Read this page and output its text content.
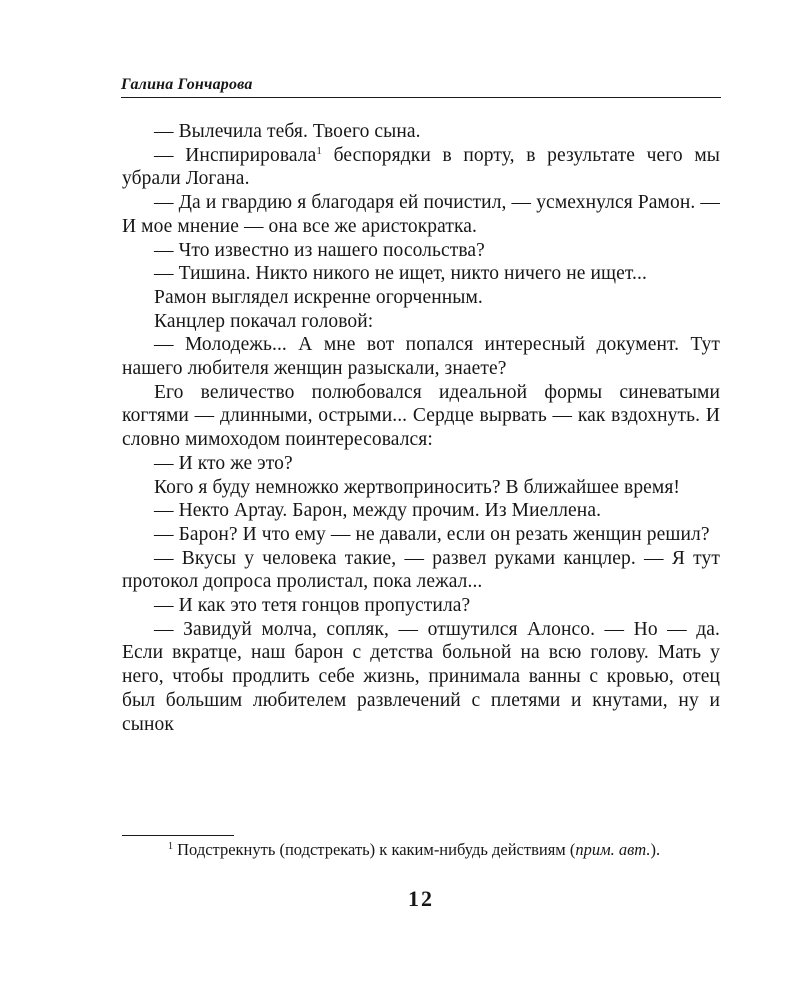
Галина Гончарова

— Вылечила тебя. Твоего сына.

— Инспирировала$^1$ беспорядки в порту, в результате чего мы убрали Логана.

— Да и гвардию я благодаря ей почистил, — усмехнулся Рамон. — И мое мнение — она все же аристократка.

— Что известно из нашего посольства?

— Тишина. Никто никого не ищет, никто ничего не ищет...

Рамон выглядел искренне огорченным.

Канцлер покачал головой:

— Молодежь... А мне вот попался интересный документ. Тут нашего любителя женщин разыскали, знаете?

Его величество полюбовался идеальной формы синеватыми когтями — длинными, острыми... Сердце вырвать — как вздохнуть. И словно мимоходом поинтересовался:

— И кто же это?

Кого я буду немножко жертвоприносить? В ближайшее время!

— Некто Артау. Барон, между прочим. Из Миеллена.

— Барон? И что ему — не давали, если он резать женщин решил?

— Вкусы у человека такие, — развел руками канцлер. — Я тут протокол допроса пролистал, пока лежал...

— И как это тетя гонцов пропустила?

— Завидуй молча, сопляк, — отшутился Алонсо. — Но — да. Если вкратце, наш барон с детства больной на всю голову. Мать у него, чтобы продлить себе жизнь, принимала ванны с кровью, отец был большим любителем развлечений с плетями и кнутами, ну и сынок

$^1$ Подстрекнуть (подстрекать) к каким-нибудь действиям (прим. авт.).
12
